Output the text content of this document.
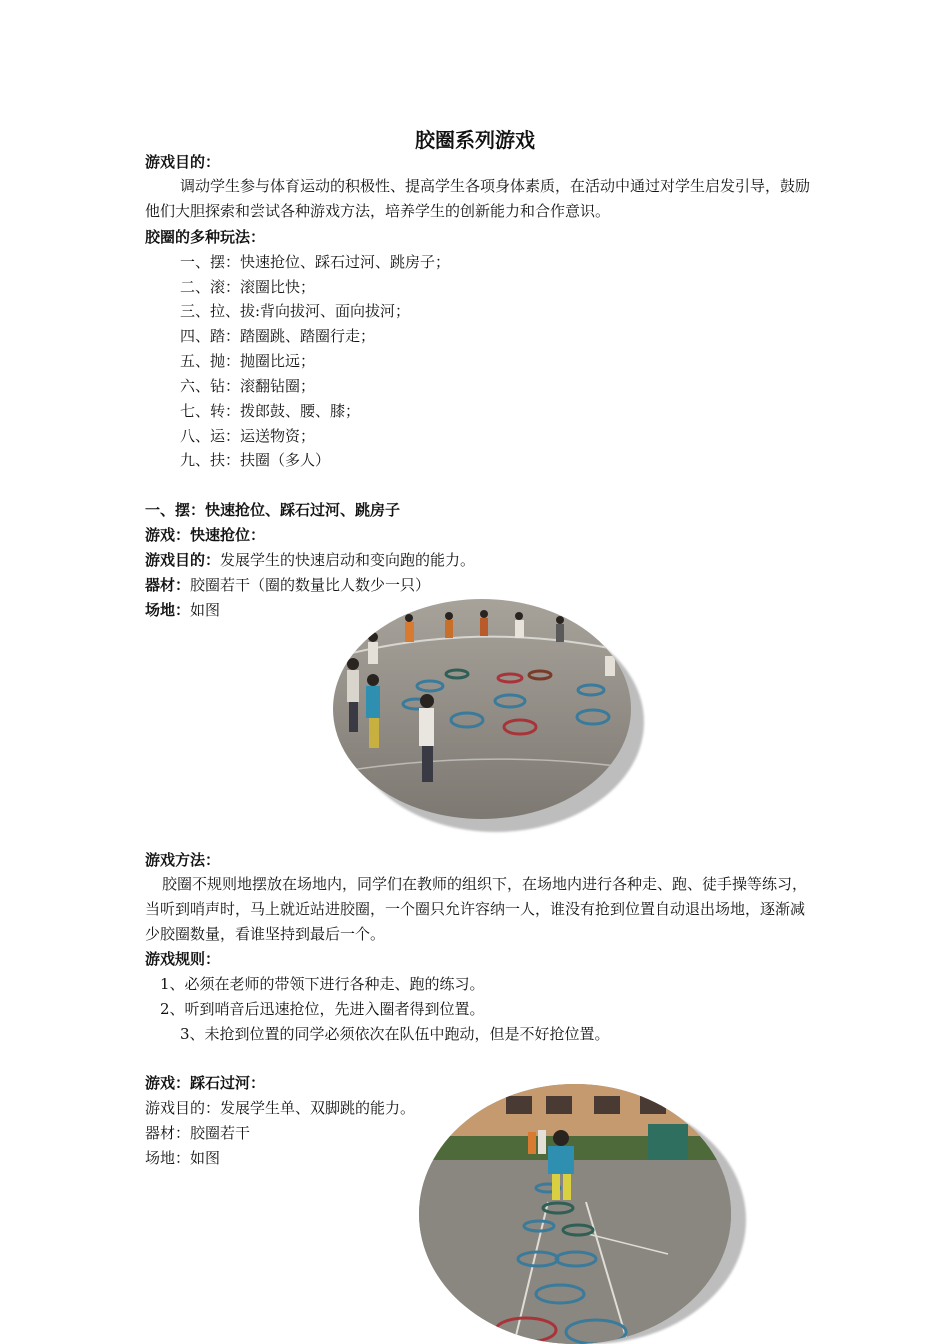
胶圈系列游戏
游戏目的：
调动学生参与体育运动的积极性、提高学生各项身体素质，在活动中通过对学生启发引导，鼓励他们大胆探索和尝试各种游戏方法，培养学生的创新能力和合作意识。
胶圈的多种玩法：
一、摆：快速抢位、踩石过河、跳房子；
二、滚：滚圈比快；
三、拉、拔:背向拔河、面向拔河；
四、踏：踏圈跳、踏圈行走；
五、抛：抛圈比远；
六、钻：滚翻钻圈；
七、转：拨郎鼓、腰、膝；
八、运：运送物资；
九、扶：扶圈（多人）
一、摆：快速抢位、踩石过河、跳房子
游戏：快速抢位：
游戏目的：发展学生的快速启动和变向跑的能力。
器材：胶圈若干（圈的数量比人数少一只）
场地：如图
游戏方法：
胶圈不规则地摆放在场地内，同学们在教师的组织下，在场地内进行各种走、跑、徒手操等练习，当听到哨声时，马上就近站进胶圈，一个圈只允许容纳一人，谁没有抢到位置自动退出场地，逐渐减少胶圈数量，看谁坚持到最后一个。
游戏规则：
1、必须在老师的带领下进行各种走、跑的练习。
2、听到哨音后迅速抢位，先进入圈者得到位置。
3、未抢到位置的同学必须依次在队伍中跑动，但是不好抢位置。
游戏：踩石过河：
游戏目的：发展学生单、双脚跳的能力。
器材：胶圈若干
场地：如图
